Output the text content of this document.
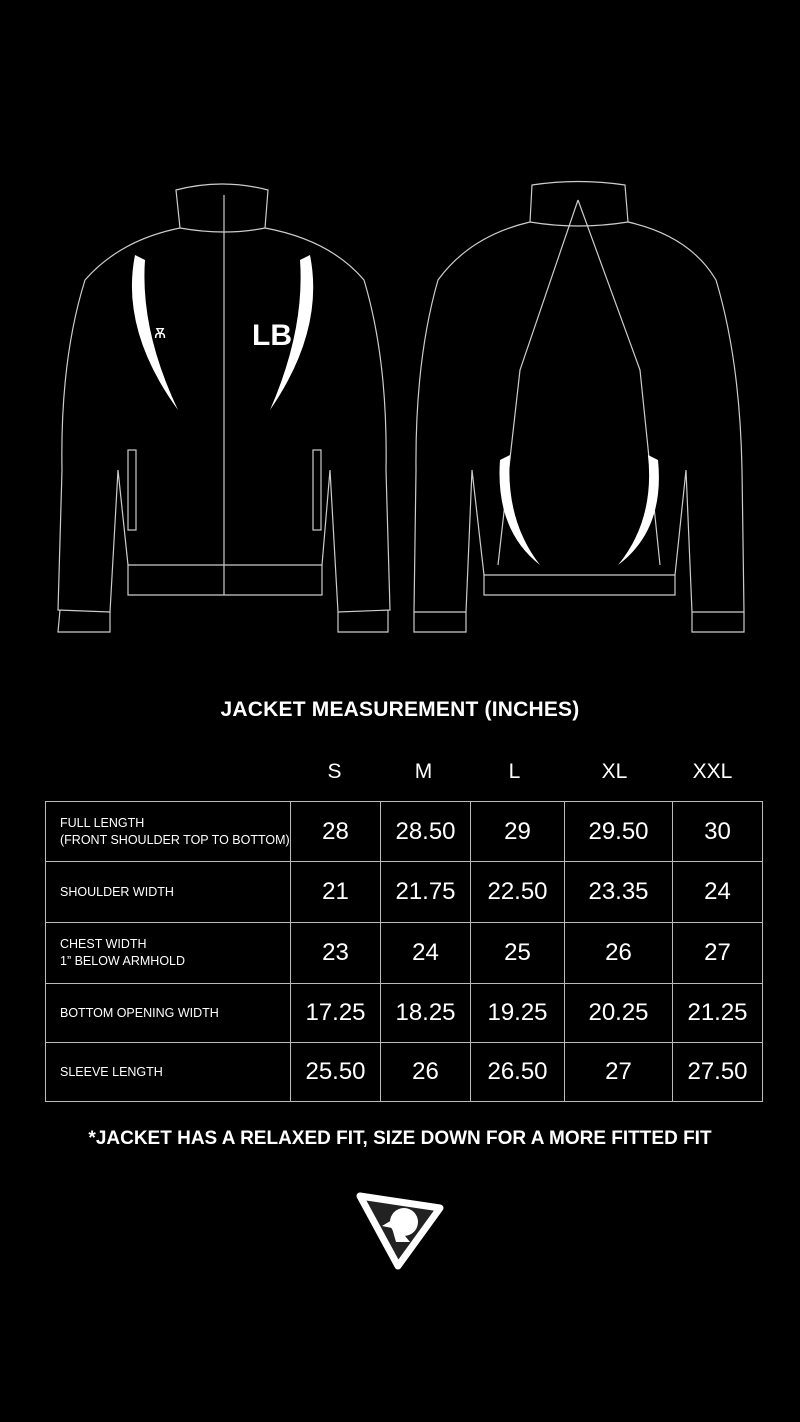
ѫ	LB
JACKET MEASUREMENT (INCHES)
S	M	L	XL	XXL
FULL LENGTH
(FRONT SHOULDER TOP TO BOTTOM)	28	28.50	29	29.50	30

SHOULDER WIDTH	21	21.75	22.50	23.35	24

CHEST WIDTH
1” BELOW ARMHOLD	23	24	25	26	27

BOTTOM OPENING WIDTH	17.25	18.25	19.25	20.25	21.25

SLEEVE LENGTH	25.50	26	26.50	27	27.50
*JACKET HAS A RELAXED FIT, SIZE DOWN FOR A MORE FITTED FIT
